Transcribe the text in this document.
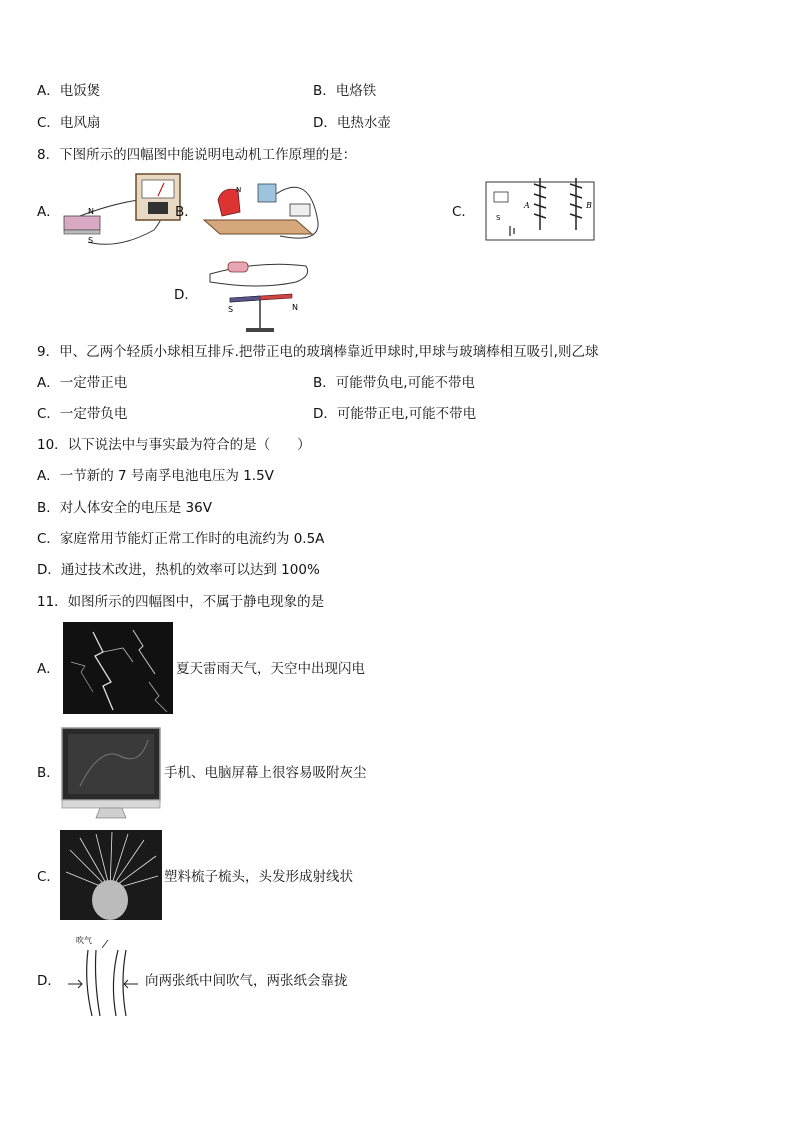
A．电饭煲	B．电烙铁
C．电风扇	D．电热水壶
8．下图所示的四幅图中能说明电动机工作原理的是：
A．	N
S
B．
N
C．	A	B
S
D．
S	N
9．甲、乙两个轻质小球相互排斥.把带正电的玻璃棒靠近甲球时,甲球与玻璃棒相互吸引,则乙球
A．一定带正电	B．可能带负电,可能不带电
C．一定带负电	D．可能带正电,可能不带电
10．以下说法中与事实最为符合的是（　　）
A．一节新的 7 号南孚电池电压为 1.5V
B．对人体安全的电压是 36V
C．家庭常用节能灯正常工作时的电流约为 0.5A
D．通过技术改进，热机的效率可以达到 100%
11．如图所示的四幅图中，不属于静电现象的是
A．	夏天雷雨天气，天空中出现闪电
B．	手机、电脑屏幕上很容易吸附灰尘
C．	塑料梳子梳头，头发形成射线状
D．
吹气
向两张纸中间吹气，两张纸会靠拢
